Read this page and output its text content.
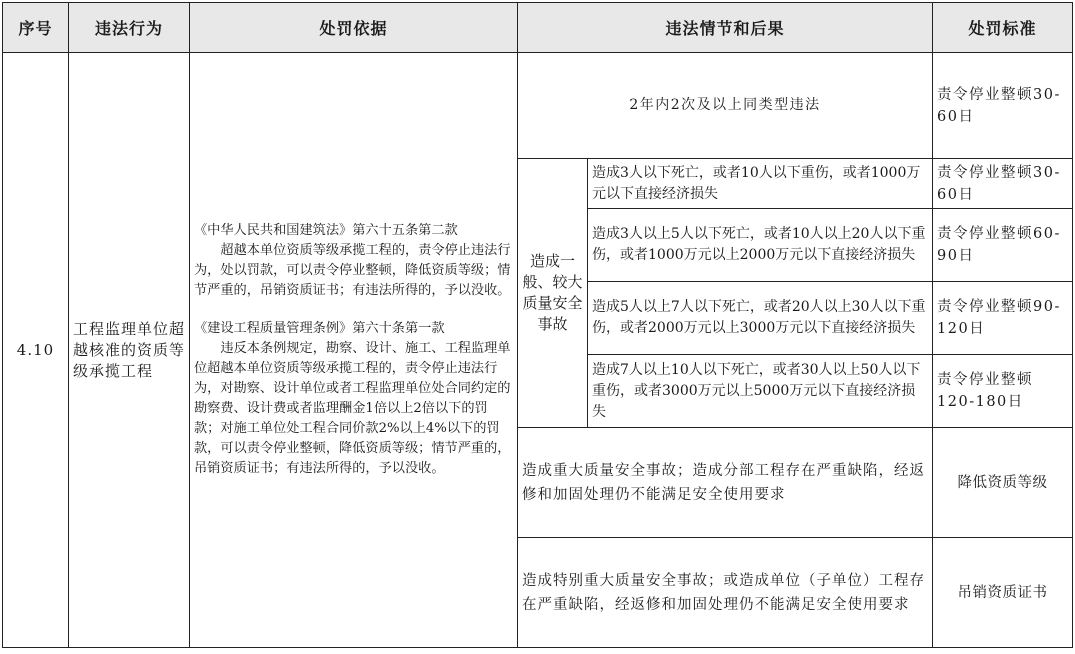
序号	违法行为	处罚依据	违法情节和后果		处罚标准
4.10	工程监理单位超越核准的资质等级承揽工程	《中华人民共和国建筑法》第六十五条第二款

超越本单位资质等级承揽工程的，责令停止违法行为，处以罚款，可以责令停业整顿，降低资质等级；情节严重的，吊销资质证书；有违法所得的，予以没收。

《建设工程质量管理条例》第六十条第一款

违反本条例规定，勘察、设计、施工、工程监理单位超越本单位资质等级承揽工程的，责令停止违法行为，对勘察、设计单位或者工程监理单位处合同约定的勘察费、设计费或者监理酬金1倍以上2倍以下的罚款；对施工单位处工程合同价款2%以上4%以下的罚款，可以责令停业整顿，降低资质等级；情节严重的，吊销资质证书；有违法所得的，予以没收。	2年内2次及以上同类型违法		责令停业整顿30-60日
			造成一般、较大质量安全事故	造成3人以下死亡，或者10人以下重伤，或者1000万元以下直接经济损失	责令停业整顿30-60日
				造成3人以上5人以下死亡，或者10人以上20人以下重伤，或者1000万元以上2000万元以下直接经济损失	责令停业整顿60-90日
				造成5人以上7人以下死亡，或者20人以上30人以下重伤，或者2000万元以上3000万元以下直接经济损失	责令停业整顿90-120日
				造成7人以上10人以下死亡，或者30人以上50人以下重伤，或者3000万元以上5000万元以下直接经济损失	责令停业整顿120-180日
			造成重大质量安全事故；造成分部工程存在严重缺陷，经返修和加固处理仍不能满足安全使用要求		降低资质等级
			造成特别重大质量安全事故；或造成单位（子单位）工程存在严重缺陷，经返修和加固处理仍不能满足安全使用要求		吊销资质证书
